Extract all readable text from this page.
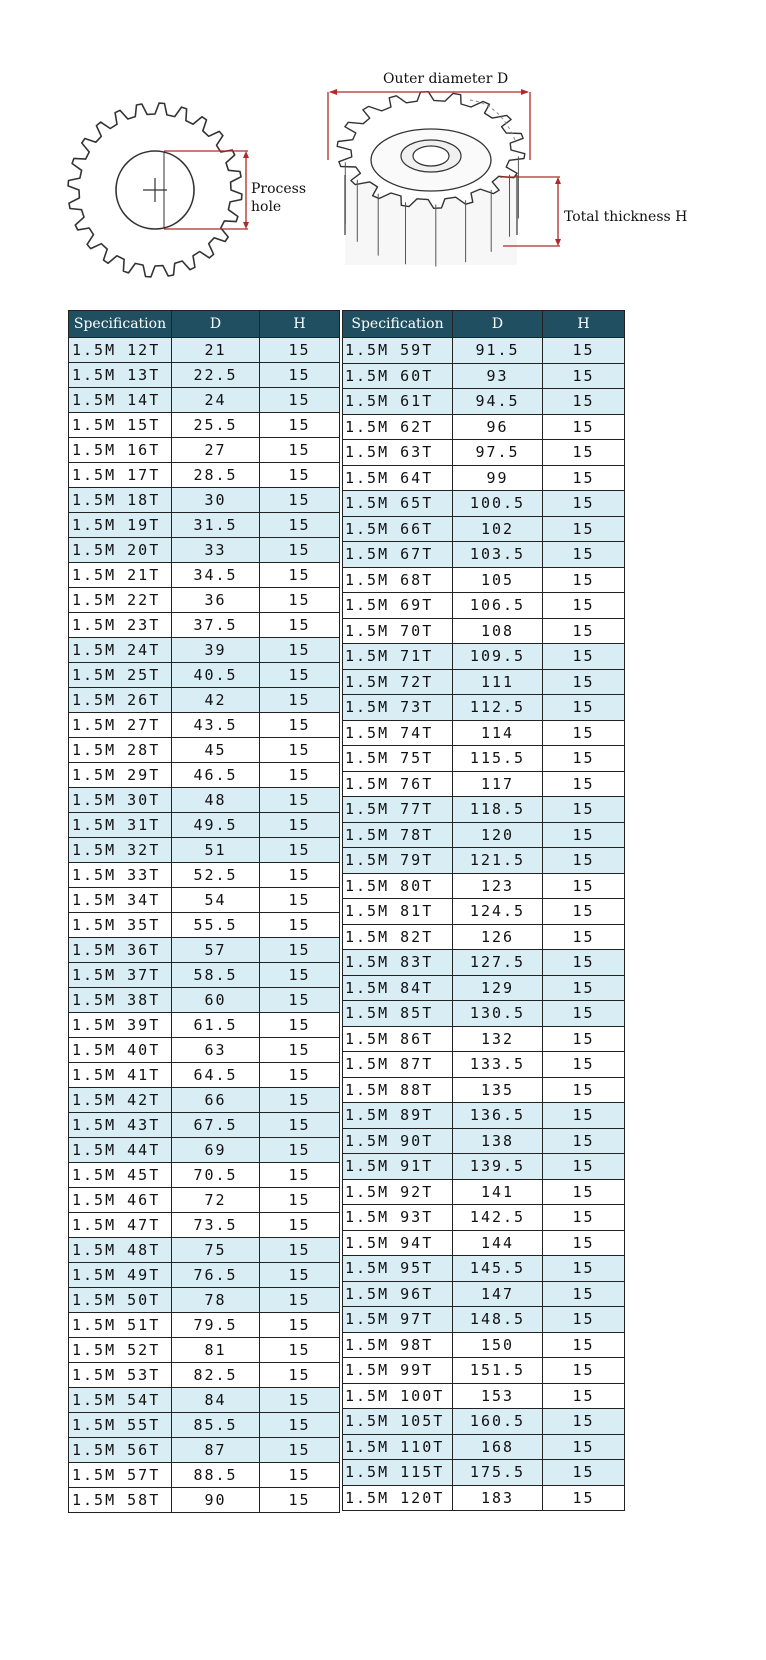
Process
hole
Outer diameter D
Total thickness H
Specification	D	H
1.5M 12T	21	15
1.5M 13T	22.5	15
1.5M 14T	24	15
1.5M 15T	25.5	15
1.5M 16T	27	15
1.5M 17T	28.5	15
1.5M 18T	30	15
1.5M 19T	31.5	15
1.5M 20T	33	15
1.5M 21T	34.5	15
1.5M 22T	36	15
1.5M 23T	37.5	15
1.5M 24T	39	15
1.5M 25T	40.5	15
1.5M 26T	42	15
1.5M 27T	43.5	15
1.5M 28T	45	15
1.5M 29T	46.5	15
1.5M 30T	48	15
1.5M 31T	49.5	15
1.5M 32T	51	15
1.5M 33T	52.5	15
1.5M 34T	54	15
1.5M 35T	55.5	15
1.5M 36T	57	15
1.5M 37T	58.5	15
1.5M 38T	60	15
1.5M 39T	61.5	15
1.5M 40T	63	15
1.5M 41T	64.5	15
1.5M 42T	66	15
1.5M 43T	67.5	15
1.5M 44T	69	15
1.5M 45T	70.5	15
1.5M 46T	72	15
1.5M 47T	73.5	15
1.5M 48T	75	15
1.5M 49T	76.5	15
1.5M 50T	78	15
1.5M 51T	79.5	15
1.5M 52T	81	15
1.5M 53T	82.5	15
1.5M 54T	84	15
1.5M 55T	85.5	15
1.5M 56T	87	15
1.5M 57T	88.5	15
1.5M 58T	90	15
Specification	D	H
1.5M 59T	91.5	15
1.5M 60T	93	15
1.5M 61T	94.5	15
1.5M 62T	96	15
1.5M 63T	97.5	15
1.5M 64T	99	15
1.5M 65T	100.5	15
1.5M 66T	102	15
1.5M 67T	103.5	15
1.5M 68T	105	15
1.5M 69T	106.5	15
1.5M 70T	108	15
1.5M 71T	109.5	15
1.5M 72T	111	15
1.5M 73T	112.5	15
1.5M 74T	114	15
1.5M 75T	115.5	15
1.5M 76T	117	15
1.5M 77T	118.5	15
1.5M 78T	120	15
1.5M 79T	121.5	15
1.5M 80T	123	15
1.5M 81T	124.5	15
1.5M 82T	126	15
1.5M 83T	127.5	15
1.5M 84T	129	15
1.5M 85T	130.5	15
1.5M 86T	132	15
1.5M 87T	133.5	15
1.5M 88T	135	15
1.5M 89T	136.5	15
1.5M 90T	138	15
1.5M 91T	139.5	15
1.5M 92T	141	15
1.5M 93T	142.5	15
1.5M 94T	144	15
1.5M 95T	145.5	15
1.5M 96T	147	15
1.5M 97T	148.5	15
1.5M 98T	150	15
1.5M 99T	151.5	15
1.5M 100T	153	15
1.5M 105T	160.5	15
1.5M 110T	168	15
1.5M 115T	175.5	15
1.5M 120T	183	15
